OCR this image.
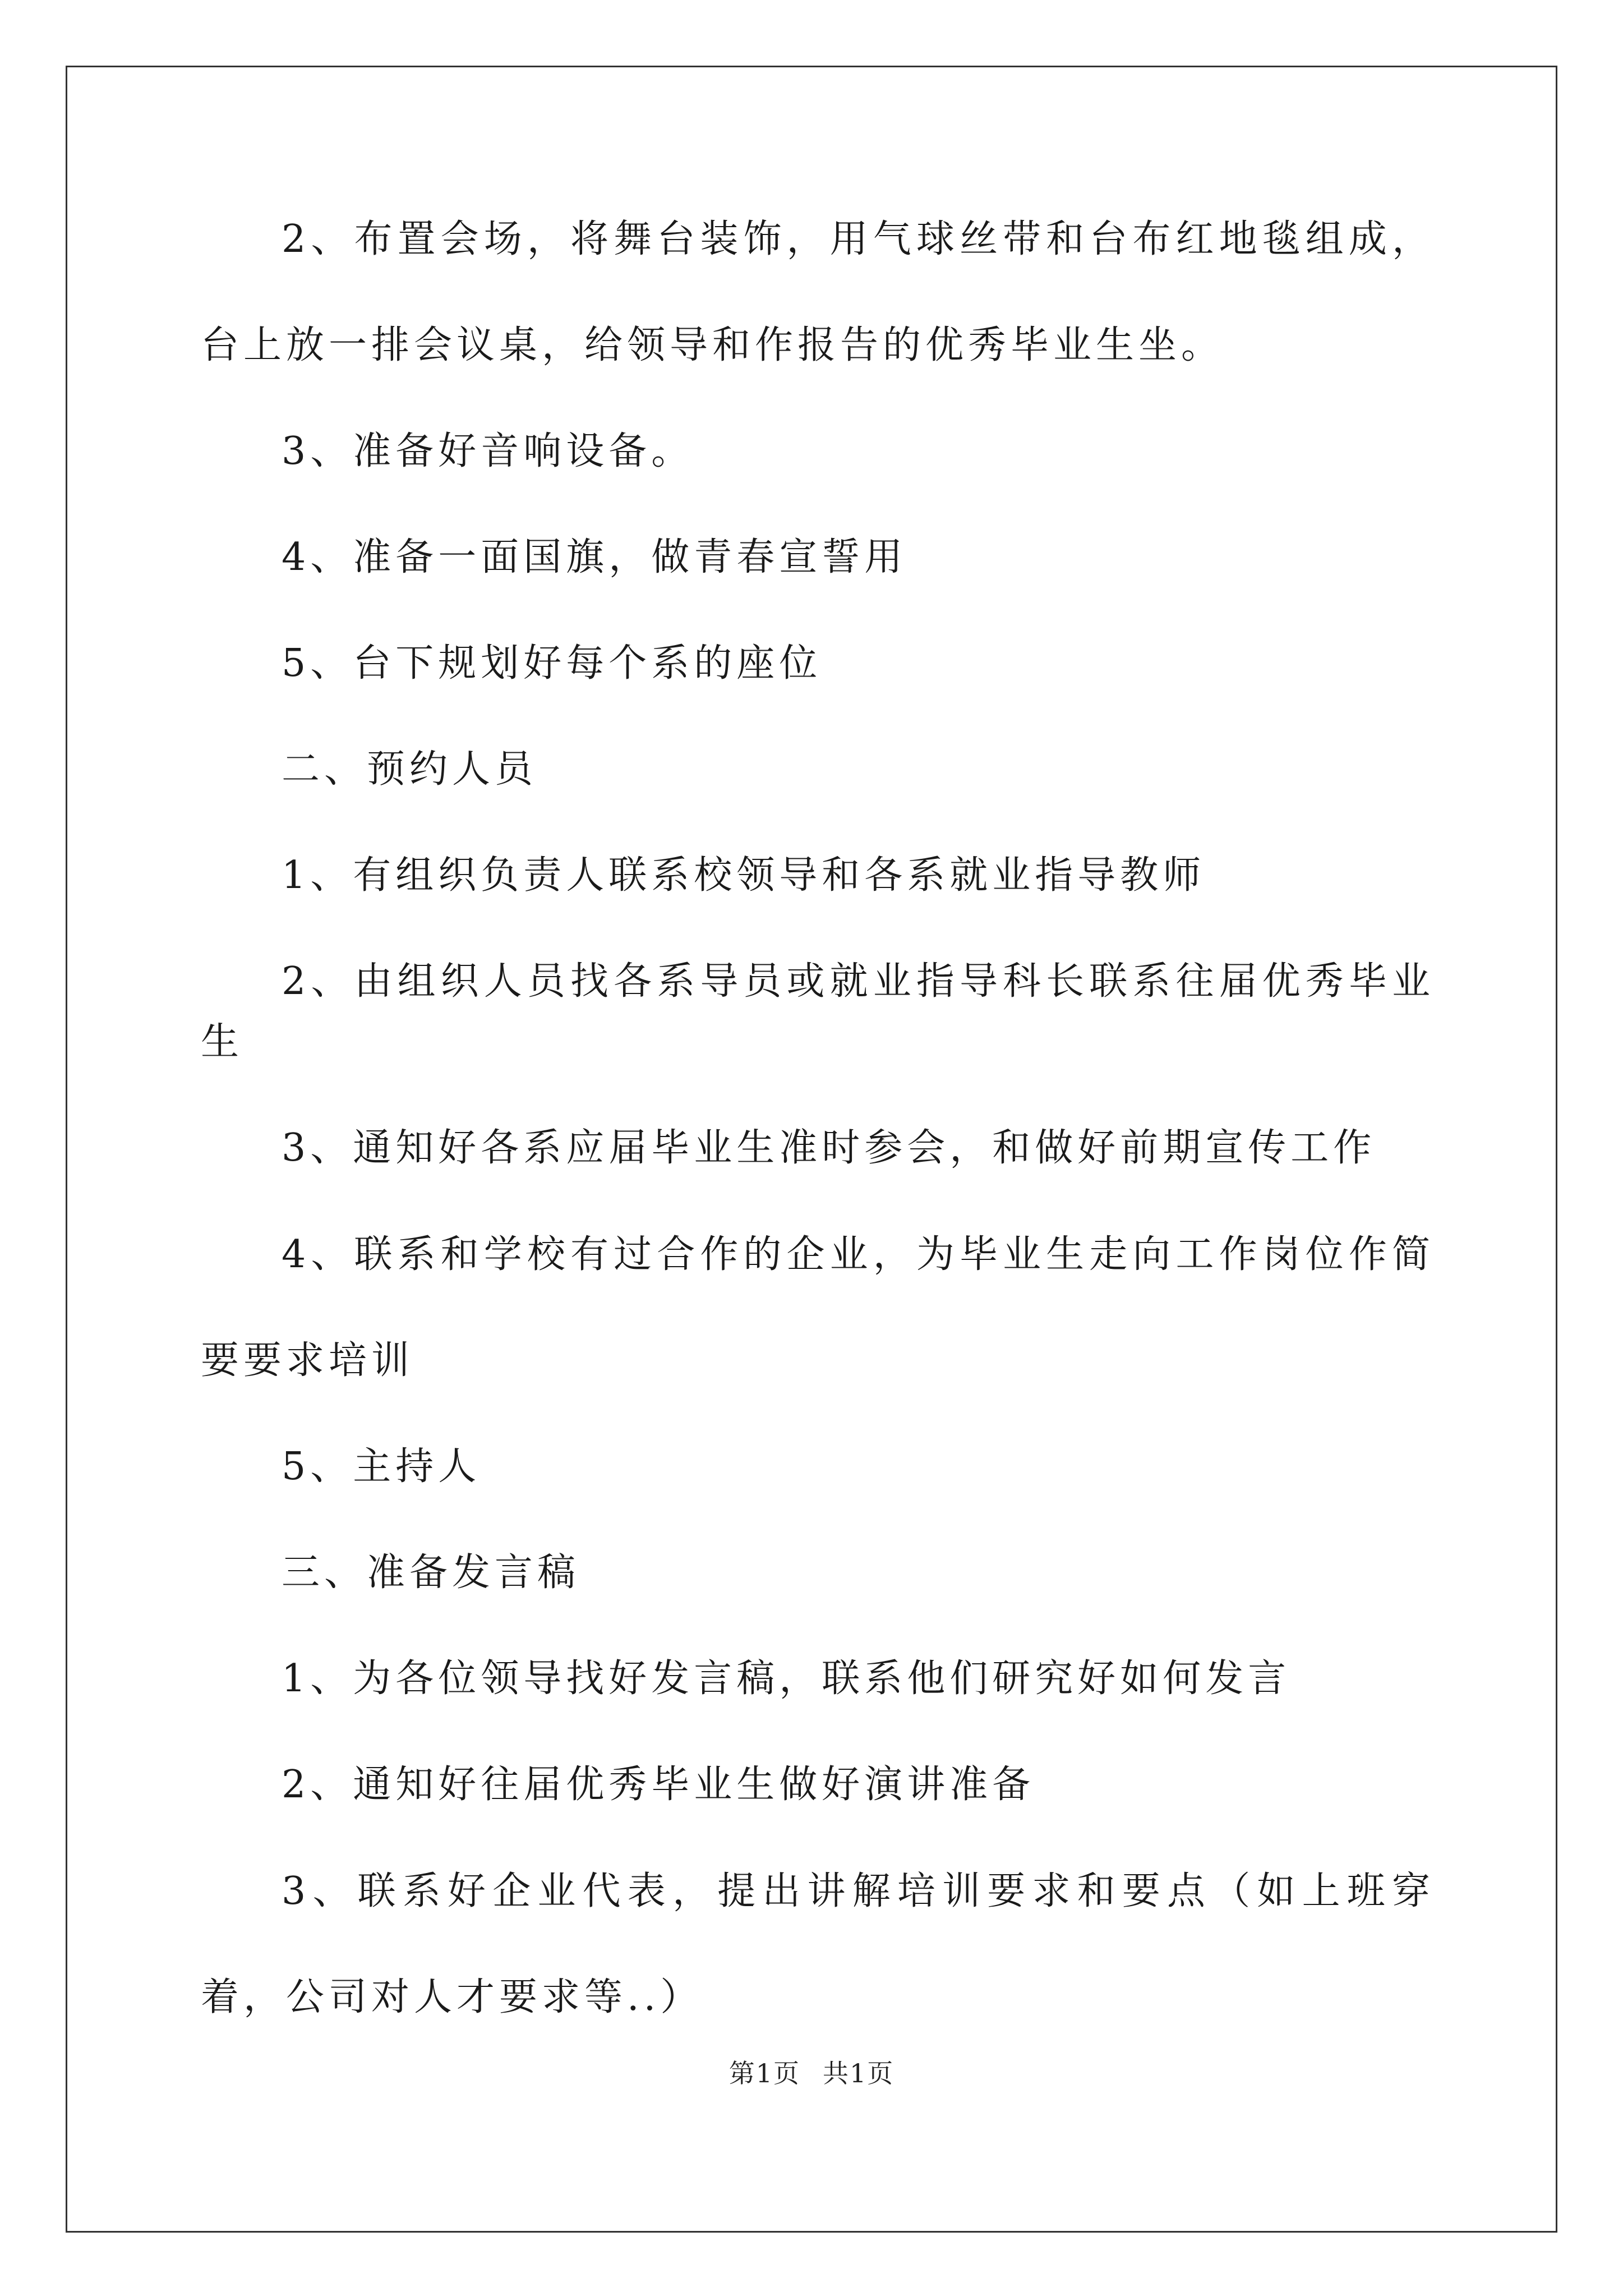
2、布置会场，将舞台装饰，用气球丝带和台布红地毯组成，台上放一排会议桌，给领导和作报告的优秀毕业生坐。

3、准备好音响设备。

4、准备一面国旗，做青春宣誓用

5、台下规划好每个系的座位

二、预约人员

1、有组织负责人联系校领导和各系就业指导教师

2、由组织人员找各系导员或就业指导科长联系往届优秀毕业生

3、通知好各系应届毕业生准时参会，和做好前期宣传工作

4、联系和学校有过合作的企业，为毕业生走向工作岗位作简要要求培训

5、主持人

三、准备发言稿

1、为各位领导找好发言稿，联系他们研究好如何发言

2、通知好往届优秀毕业生做好演讲准备

3、联系好企业代表，提出讲解培训要求和要点（如上班穿着，公司对人才要求等..）

第1页 共1页
